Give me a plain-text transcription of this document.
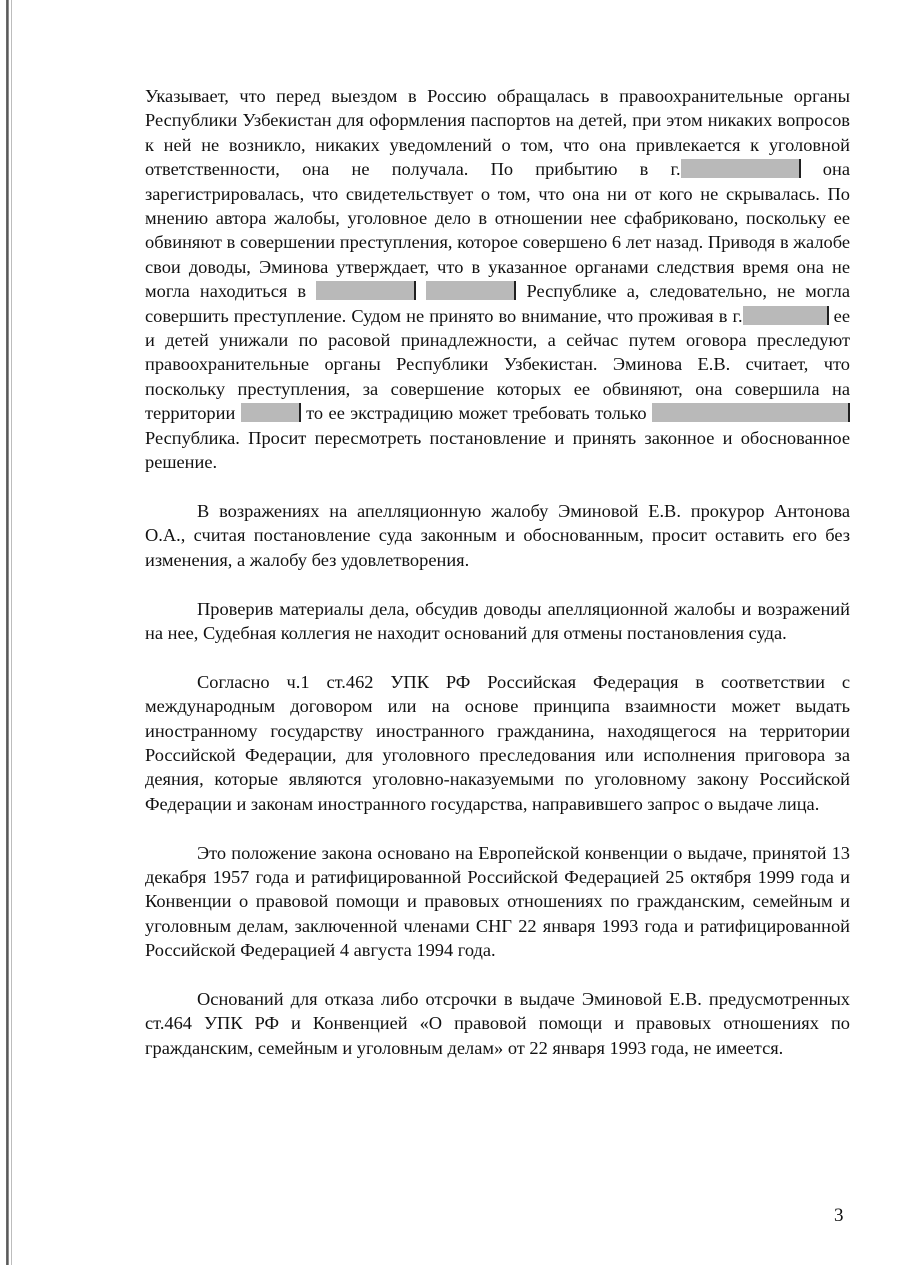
Указывает, что перед выездом в Россию обращалась в правоохранительные органы Республики Узбекистан для оформления паспортов на детей, при этом никаких вопросов к ней не возникло, никаких уведомлений о том, что она привлекается к уголовной ответственности, она не получала. По прибытию в г.	она зарегистрировалась, что свидетельствует о том, что она ни от кого не скрывалась. По мнению автора жалобы, уголовное дело в отношении нее сфабриковано, поскольку ее обвиняют в совершении преступления, которое совершено 6 лет назад. Приводя в жалобе свои доводы, Эминова утверждает, что в указанное органами следствия время она не могла находиться в	Республике а, следовательно, не могла совершить преступление. Судом не принято во внимание, что проживая в г.	ее и детей унижали по расовой принадлежности, а сейчас путем оговора преследуют правоохранительные органы Республики Узбекистан. Эминова Е.В. считает, что поскольку преступления, за совершение которых ее обвиняют, она совершила на территории	то ее экстрадицию может требовать только  Республика. Просит пересмотреть постановление и принять законное и обоснованное решение.

В возражениях на апелляционную жалобу Эминовой Е.В. прокурор Антонова О.А., считая постановление суда законным и обоснованным, просит оставить его без изменения, а жалобу без удовлетворения.

Проверив материалы дела, обсудив доводы апелляционной жалобы и возражений на нее, Судебная коллегия не находит оснований для отмены постановления суда.

Согласно ч.1 ст.462 УПК РФ Российская Федерация в соответствии с международным договором или на основе принципа взаимности может выдать иностранному государству иностранного гражданина, находящегося на территории Российской Федерации, для уголовного преследования или исполнения приговора за деяния, которые являются уголовно-наказуемыми по уголовному закону Российской Федерации и законам иностранного государства, направившего запрос о выдаче лица.

Это положение закона основано на Европейской конвенции о выдаче, принятой 13 декабря 1957 года и ратифицированной Российской Федерацией 25 октября 1999 года и Конвенции о правовой помощи и правовых отношениях по гражданским, семейным и уголовным делам, заключенной членами СНГ 22 января 1993 года и ратифицированной Российской Федерацией 4 августа 1994 года.

Оснований для отказа либо отсрочки в выдаче Эминовой Е.В. предусмотренных ст.464 УПК РФ и Конвенцией «О правовой помощи и правовых отношениях по гражданским, семейным и уголовным делам» от 22 января 1993 года, не имеется.

3
